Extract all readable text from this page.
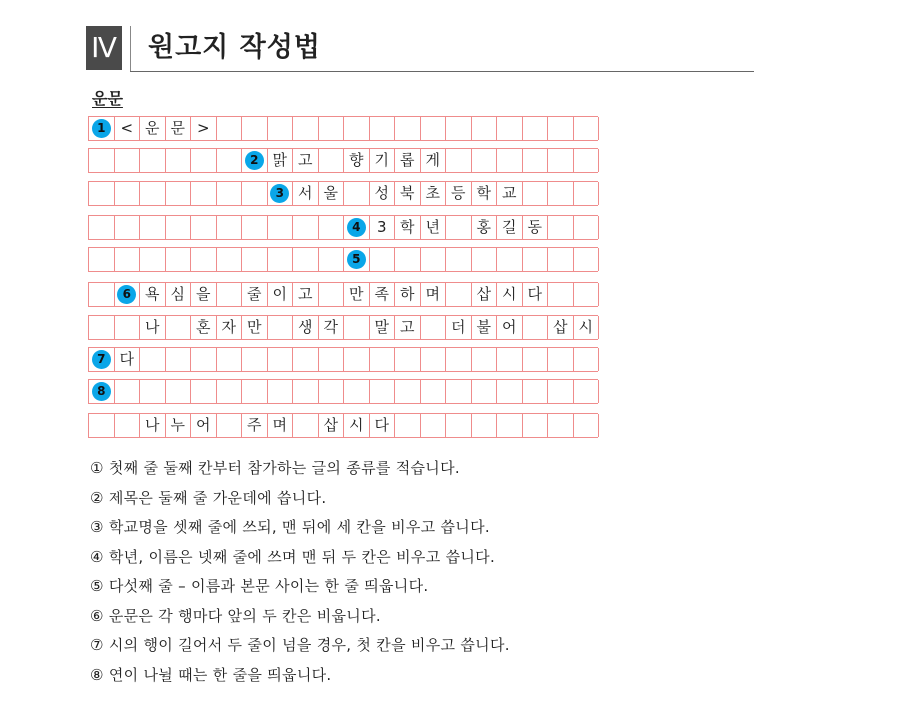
Ⅳ 원고지 작성법
운문
1	< 운 문 >
2 맑 고	향 기 롭 게
3 서 울	성 북 초 등 학 교
4	3 학 년	홍 길 동
5
6 욕 심 을	줄 이 고	만 족 하 며	삽 시 다
나	혼 자 만	생 각	말 고	더 불 어	삽 시
7 다
8
나 누 어	주 며	삽 시 다
① 첫째 줄 둘째 칸부터 참가하는 글의 종류를 적습니다.
② 제목은 둘째 줄 가운데에 씁니다.
③ 학교명을 셋째 줄에 쓰되, 맨 뒤에 세 칸을 비우고 씁니다.
④ 학년, 이름은 넷째 줄에 쓰며 맨 뒤 두 칸은 비우고 씁니다.
⑤ 다섯째 줄 – 이름과 본문 사이는 한 줄 띄웁니다.
⑥ 운문은 각 행마다 앞의 두 칸은 비웁니다.
⑦ 시의 행이 길어서 두 줄이 넘을 경우, 첫 칸을 비우고 씁니다.
⑧ 연이 나뉠 때는 한 줄을 띄웁니다.
